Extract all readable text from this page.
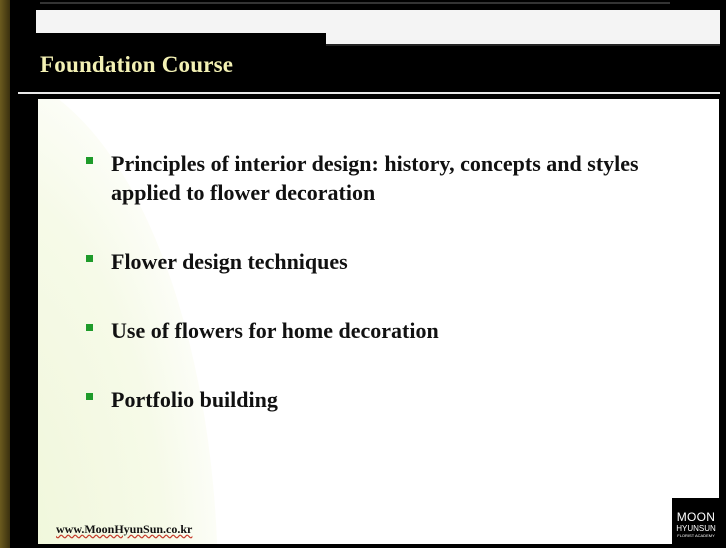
Foundation Course
Principles of interior design: history, concepts and styles applied to flower decoration
Flower design techniques
Use of flowers for home decoration
Portfolio building
www.MoonHyunSun.co.kr
MOON
HYUNSUN
FLORIST ACADEMY
